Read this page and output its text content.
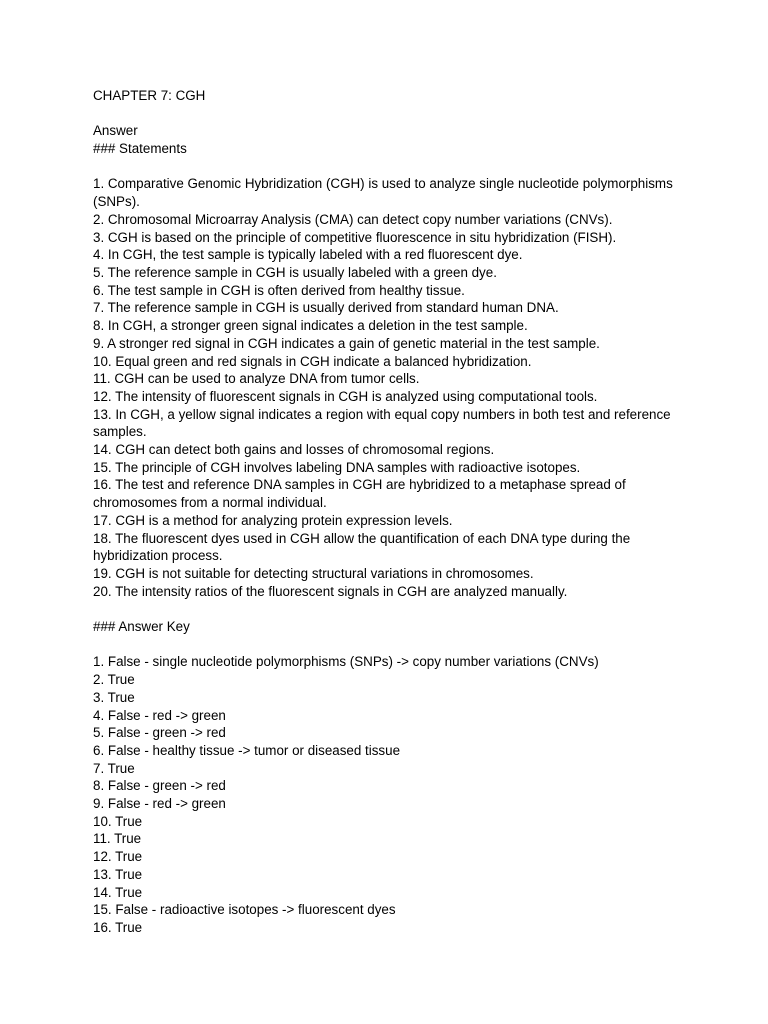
CHAPTER 7: CGH
Answer
### Statements
1. Comparative Genomic Hybridization (CGH) is used to analyze single nucleotide polymorphisms (SNPs).
2. Chromosomal Microarray Analysis (CMA) can detect copy number variations (CNVs).
3. CGH is based on the principle of competitive fluorescence in situ hybridization (FISH).
4. In CGH, the test sample is typically labeled with a red fluorescent dye.
5. The reference sample in CGH is usually labeled with a green dye.
6. The test sample in CGH is often derived from healthy tissue.
7. The reference sample in CGH is usually derived from standard human DNA.
8. In CGH, a stronger green signal indicates a deletion in the test sample.
9. A stronger red signal in CGH indicates a gain of genetic material in the test sample.
10. Equal green and red signals in CGH indicate a balanced hybridization.
11. CGH can be used to analyze DNA from tumor cells.
12. The intensity of fluorescent signals in CGH is analyzed using computational tools.
13. In CGH, a yellow signal indicates a region with equal copy numbers in both test and reference samples.
14. CGH can detect both gains and losses of chromosomal regions.
15. The principle of CGH involves labeling DNA samples with radioactive isotopes.
16. The test and reference DNA samples in CGH are hybridized to a metaphase spread of chromosomes from a normal individual.
17. CGH is a method for analyzing protein expression levels.
18. The fluorescent dyes used in CGH allow the quantification of each DNA type during the hybridization process.
19. CGH is not suitable for detecting structural variations in chromosomes.
20. The intensity ratios of the fluorescent signals in CGH are analyzed manually.
### Answer Key
1. False - single nucleotide polymorphisms (SNPs) -> copy number variations (CNVs)
2. True
3. True
4. False - red -> green
5. False - green -> red
6. False - healthy tissue -> tumor or diseased tissue
7. True
8. False - green -> red
9. False - red -> green
10. True
11. True
12. True
13. True
14. True
15. False - radioactive isotopes -> fluorescent dyes
16. True
